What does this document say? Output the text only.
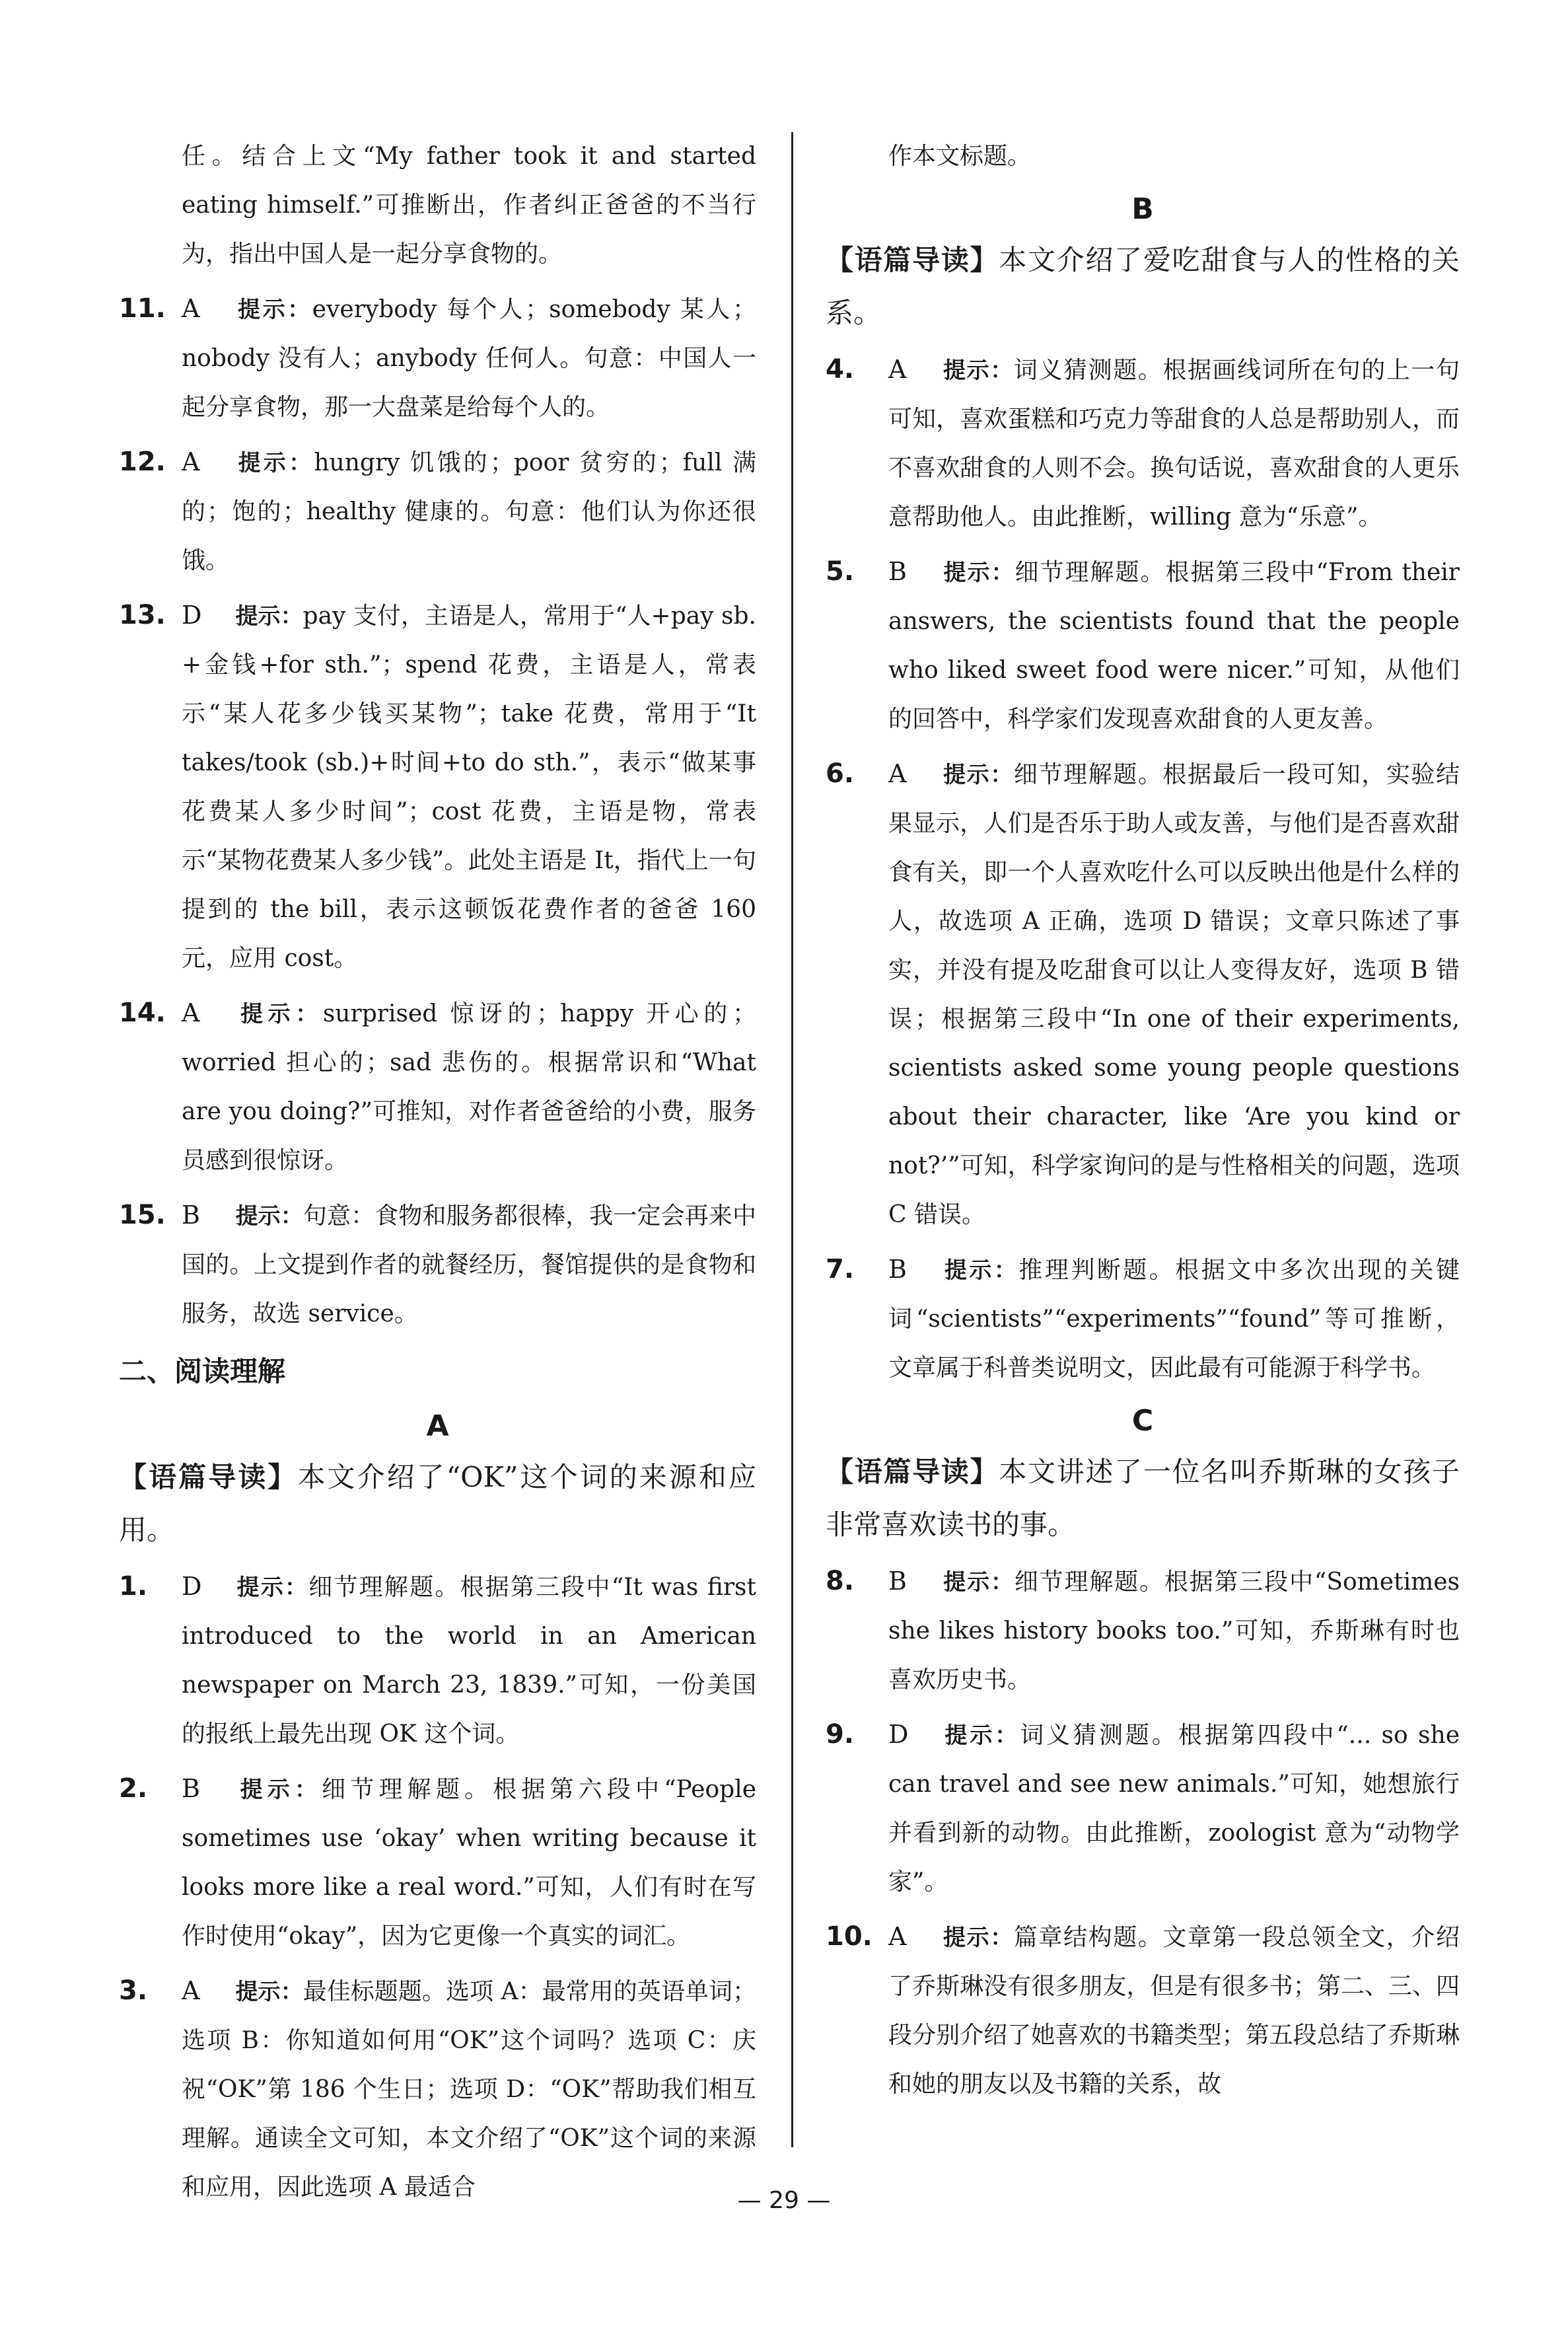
任。结合上文“My father took it and started eating himself.”可推断出，作者纠正爸爸的不当行为，指出中国人是一起分享食物的。

11. A 提示：everybody 每个人；somebody 某人；nobody 没有人；anybody 任何人。句意：中国人一起分享食物，那一大盘菜是给每个人的。

12. A 提示：hungry 饥饿的；poor 贫穷的；full 满的；饱的；healthy 健康的。句意：他们认为你还很饿。

13. D 提示：pay 支付，主语是人，常用于“人+pay sb. +金钱+for sth.”；spend 花费，主语是人，常表示“某人花多少钱买某物”；take 花费，常用于“It takes/took (sb.)+时间+to do sth.”，表示“做某事花费某人多少时间”；cost 花费，主语是物，常表示“某物花费某人多少钱”。此处主语是 It，指代上一句提到的 the bill，表示这顿饭花费作者的爸爸 160 元，应用 cost。

14. A 提示：surprised 惊讶的；happy 开心的；worried 担心的；sad 悲伤的。根据常识和“What are you doing?”可推知，对作者爸爸给的小费，服务员感到很惊讶。

15. B 提示：句意：食物和服务都很棒，我一定会再来中国的。上文提到作者的就餐经历，餐馆提供的是食物和服务，故选 service。

二、阅读理解
A

【语篇导读】本文介绍了“OK”这个词的来源和应用。

1. D 提示：细节理解题。根据第三段中“It was first introduced to the world in an American newspaper on March 23, 1839.”可知，一份美国的报纸上最先出现 OK 这个词。

2. B 提示：细节理解题。根据第六段中“People sometimes use ‘okay’ when writing because it looks more like a real word.”可知，人们有时在写作时使用“okay”，因为它更像一个真实的词汇。

3. A 提示：最佳标题题。选项 A：最常用的英语单词；选项 B：你知道如何用“OK”这个词吗？选项 C：庆祝“OK”第 186 个生日；选项 D：“OK”帮助我们相互理解。通读全文可知，本文介绍了“OK”这个词的来源和应用，因此选项 A 最适合

作本文标题。

B

【语篇导读】本文介绍了爱吃甜食与人的性格的关系。

4. A 提示：词义猜测题。根据画线词所在句的上一句可知，喜欢蛋糕和巧克力等甜食的人总是帮助别人，而不喜欢甜食的人则不会。换句话说，喜欢甜食的人更乐意帮助他人。由此推断，willing 意为“乐意”。

5. B 提示：细节理解题。根据第三段中“From their answers, the scientists found that the people who liked sweet food were nicer.”可知，从他们的回答中，科学家们发现喜欢甜食的人更友善。

6. A 提示：细节理解题。根据最后一段可知，实验结果显示，人们是否乐于助人或友善，与他们是否喜欢甜食有关，即一个人喜欢吃什么可以反映出他是什么样的人，故选项 A 正确，选项 D 错误；文章只陈述了事实，并没有提及吃甜食可以让人变得友好，选项 B 错误；根据第三段中“In one of their experiments, scientists asked some young people questions about their character, like ‘Are you kind or not?’”可知，科学家询问的是与性格相关的问题，选项 C 错误。

7. B 提示：推理判断题。根据文中多次出现的关键词“scientists”“experiments”“found”等可推断，文章属于科普类说明文，因此最有可能源于科学书。

C

【语篇导读】本文讲述了一位名叫乔斯琳的女孩子非常喜欢读书的事。

8. B 提示：细节理解题。根据第三段中“Sometimes she likes history books too.”可知，乔斯琳有时也喜欢历史书。

9. D 提示：词义猜测题。根据第四段中“... so she can travel and see new animals.”可知，她想旅行并看到新的动物。由此推断，zoologist 意为“动物学家”。

10. A 提示：篇章结构题。文章第一段总领全文，介绍了乔斯琳没有很多朋友，但是有很多书；第二、三、四段分别介绍了她喜欢的书籍类型；第五段总结了乔斯琳和她的朋友以及书籍的关系，故

— 29 —
